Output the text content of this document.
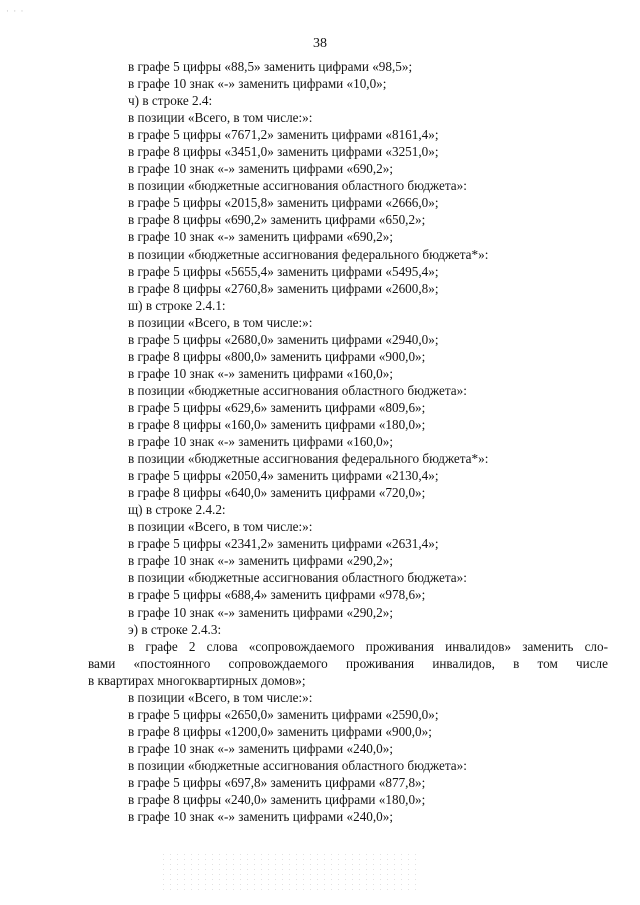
· · ·
38
в графе 5 цифры «88,5» заменить цифрами «98,5»;
в графе 10 знак «-» заменить цифрами «10,0»;
ч) в строке 2.4:
в позиции «Всего, в том числе:»:
в графе 5 цифры «7671,2» заменить цифрами «8161,4»;
в графе 8 цифры «3451,0» заменить цифрами «3251,0»;
в графе 10 знак «-» заменить цифрами «690,2»;
в позиции «бюджетные ассигнования областного бюджета»:
в графе 5 цифры «2015,8» заменить цифрами «2666,0»;
в графе 8 цифры «690,2» заменить цифрами «650,2»;
в графе 10 знак «-» заменить цифрами «690,2»;
в позиции «бюджетные ассигнования федерального бюджета*»:
в графе 5 цифры «5655,4» заменить цифрами «5495,4»;
в графе 8 цифры «2760,8» заменить цифрами «2600,8»;
ш) в строке 2.4.1:
в позиции «Всего, в том числе:»:
в графе 5 цифры «2680,0» заменить цифрами «2940,0»;
в графе 8 цифры «800,0» заменить цифрами «900,0»;
в графе 10 знак «-» заменить цифрами «160,0»;
в позиции «бюджетные ассигнования областного бюджета»:
в графе 5 цифры «629,6» заменить цифрами «809,6»;
в графе 8 цифры «160,0» заменить цифрами «180,0»;
в графе 10 знак «-» заменить цифрами «160,0»;
в позиции «бюджетные ассигнования федерального бюджета*»:
в графе 5 цифры «2050,4» заменить цифрами «2130,4»;
в графе 8 цифры «640,0» заменить цифрами «720,0»;
щ) в строке 2.4.2:
в позиции «Всего, в том числе:»:
в графе 5 цифры «2341,2» заменить цифрами «2631,4»;
в графе 10 знак «-» заменить цифрами «290,2»;
в позиции «бюджетные ассигнования областного бюджета»:
в графе 5 цифры «688,4» заменить цифрами «978,6»;
в графе 10 знак «-» заменить цифрами «290,2»;
э) в строке 2.4.3:
в графе 2 слова «сопровождаемого проживания инвалидов» заменить сло-
вами «постоянного сопровождаемого проживания инвалидов, в том числе
в квартирах многоквартирных домов»;
в позиции «Всего, в том числе:»:
в графе 5 цифры «2650,0» заменить цифрами «2590,0»;
в графе 8 цифры «1200,0» заменить цифрами «900,0»;
в графе 10 знак «-» заменить цифрами «240,0»;
в позиции «бюджетные ассигнования областного бюджета»:
в графе 5 цифры «697,8» заменить цифрами «877,8»;
в графе 8 цифры «240,0» заменить цифрами «180,0»;
в графе 10 знак «-» заменить цифрами «240,0»;
